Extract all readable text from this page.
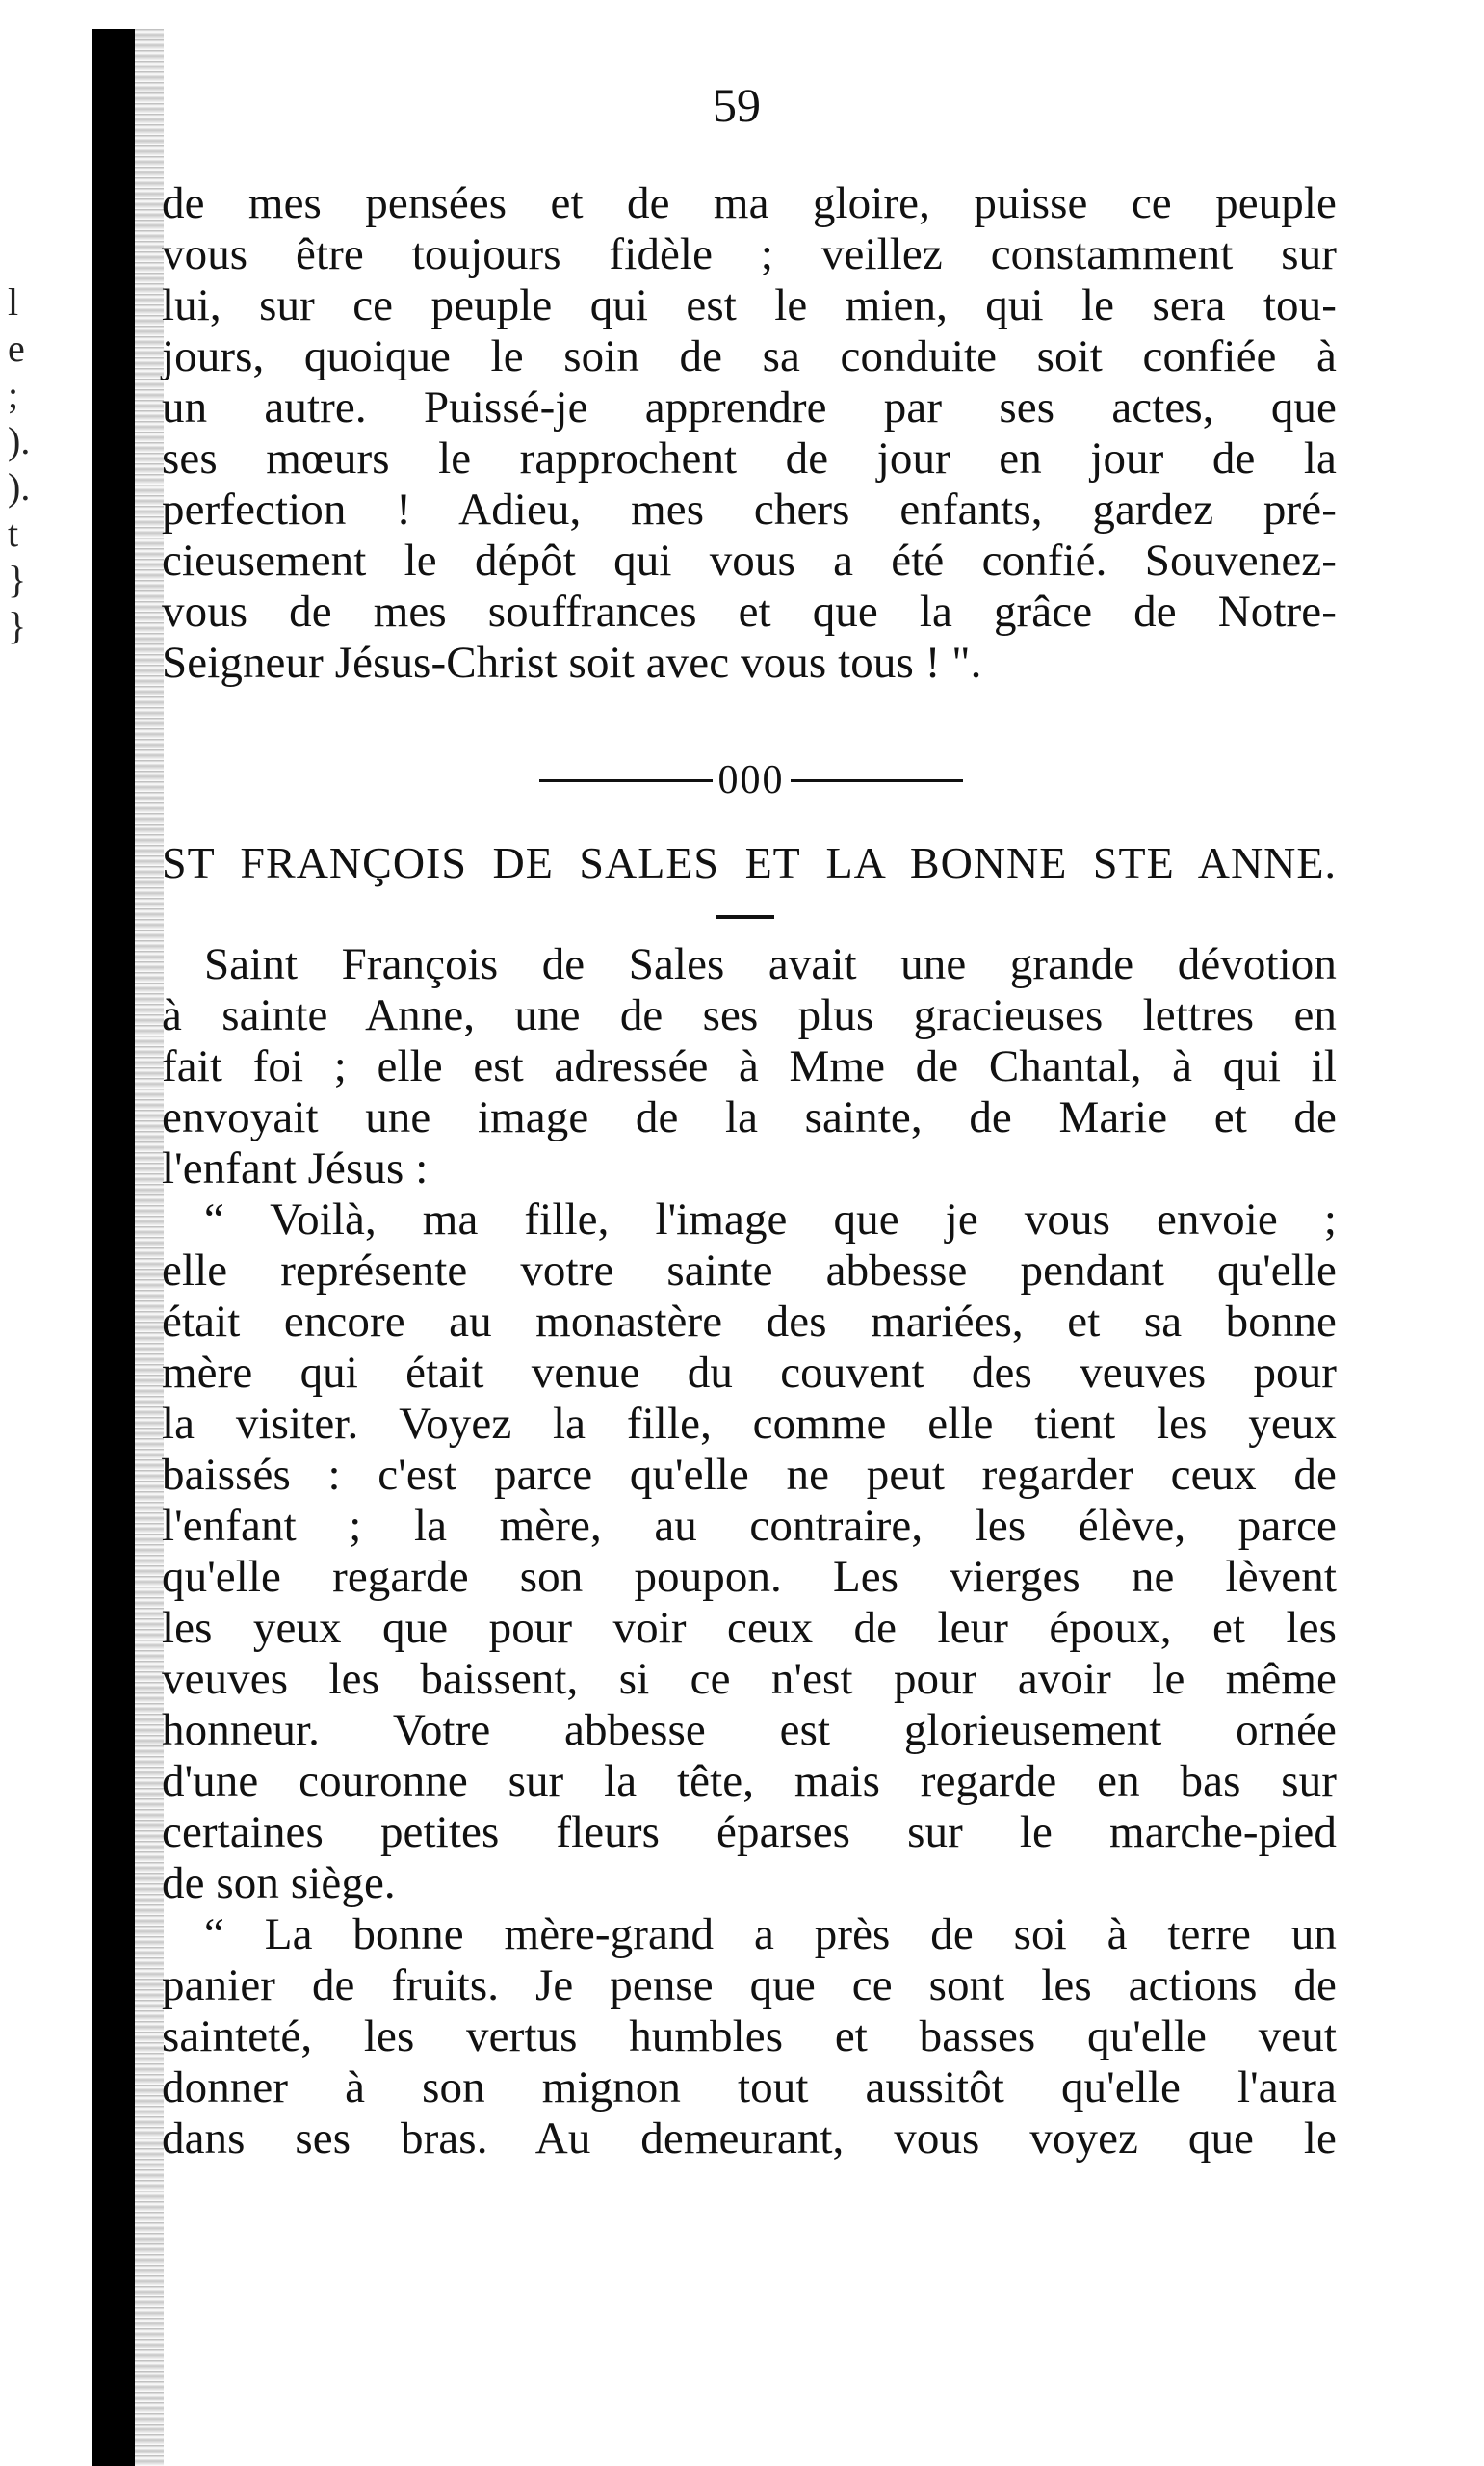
l
e
;
).
).
t
}
}
59

de mes pensées et de ma gloire, puisse ce peuple

vous être toujours fidèle ; veillez constamment sur

lui, sur ce peuple qui est le mien, qui le sera tou-

jours, quoique le soin de sa conduite soit confiée à

un autre. Puissé-je apprendre par ses actes, que

ses mœurs le rapprochent de jour en jour de la

perfection ! Adieu, mes chers enfants, gardez pré-

cieusement le dépôt qui vous a été confié. Souvenez-

vous de mes souffrances et que la grâce de Notre-

Seigneur Jésus-Christ soit avec vous tous ! ".

000
ST FRANÇOIS DE SALES ET LA BONNE STE ANNE.

Saint François de Sales avait une grande dévotion

à sainte Anne, une de ses plus gracieuses lettres en

fait foi ; elle est adressée à Mme de Chantal, à qui il

envoyait une image de la sainte, de Marie et de

l'enfant Jésus :

“ Voilà, ma fille, l'image que je vous envoie ;

elle représente votre sainte abbesse pendant qu'elle

était encore au monastère des mariées, et sa bonne

mère qui était venue du couvent des veuves pour

la visiter. Voyez la fille, comme elle tient les yeux

baissés : c'est parce qu'elle ne peut regarder ceux de

l'enfant ; la mère, au contraire, les élève, parce

qu'elle regarde son poupon. Les vierges ne lèvent

les yeux que pour voir ceux de leur époux, et les

veuves les baissent, si ce n'est pour avoir le même

honneur. Votre abbesse est glorieusement ornée

d'une couronne sur la tête, mais regarde en bas sur

certaines petites fleurs éparses sur le marche-pied

de son siège.

“ La bonne mère-grand a près de soi à terre un

panier de fruits. Je pense que ce sont les actions de

sainteté, les vertus humbles et basses qu'elle veut

donner à son mignon tout aussitôt qu'elle l'aura

dans ses bras. Au demeurant, vous voyez que le
